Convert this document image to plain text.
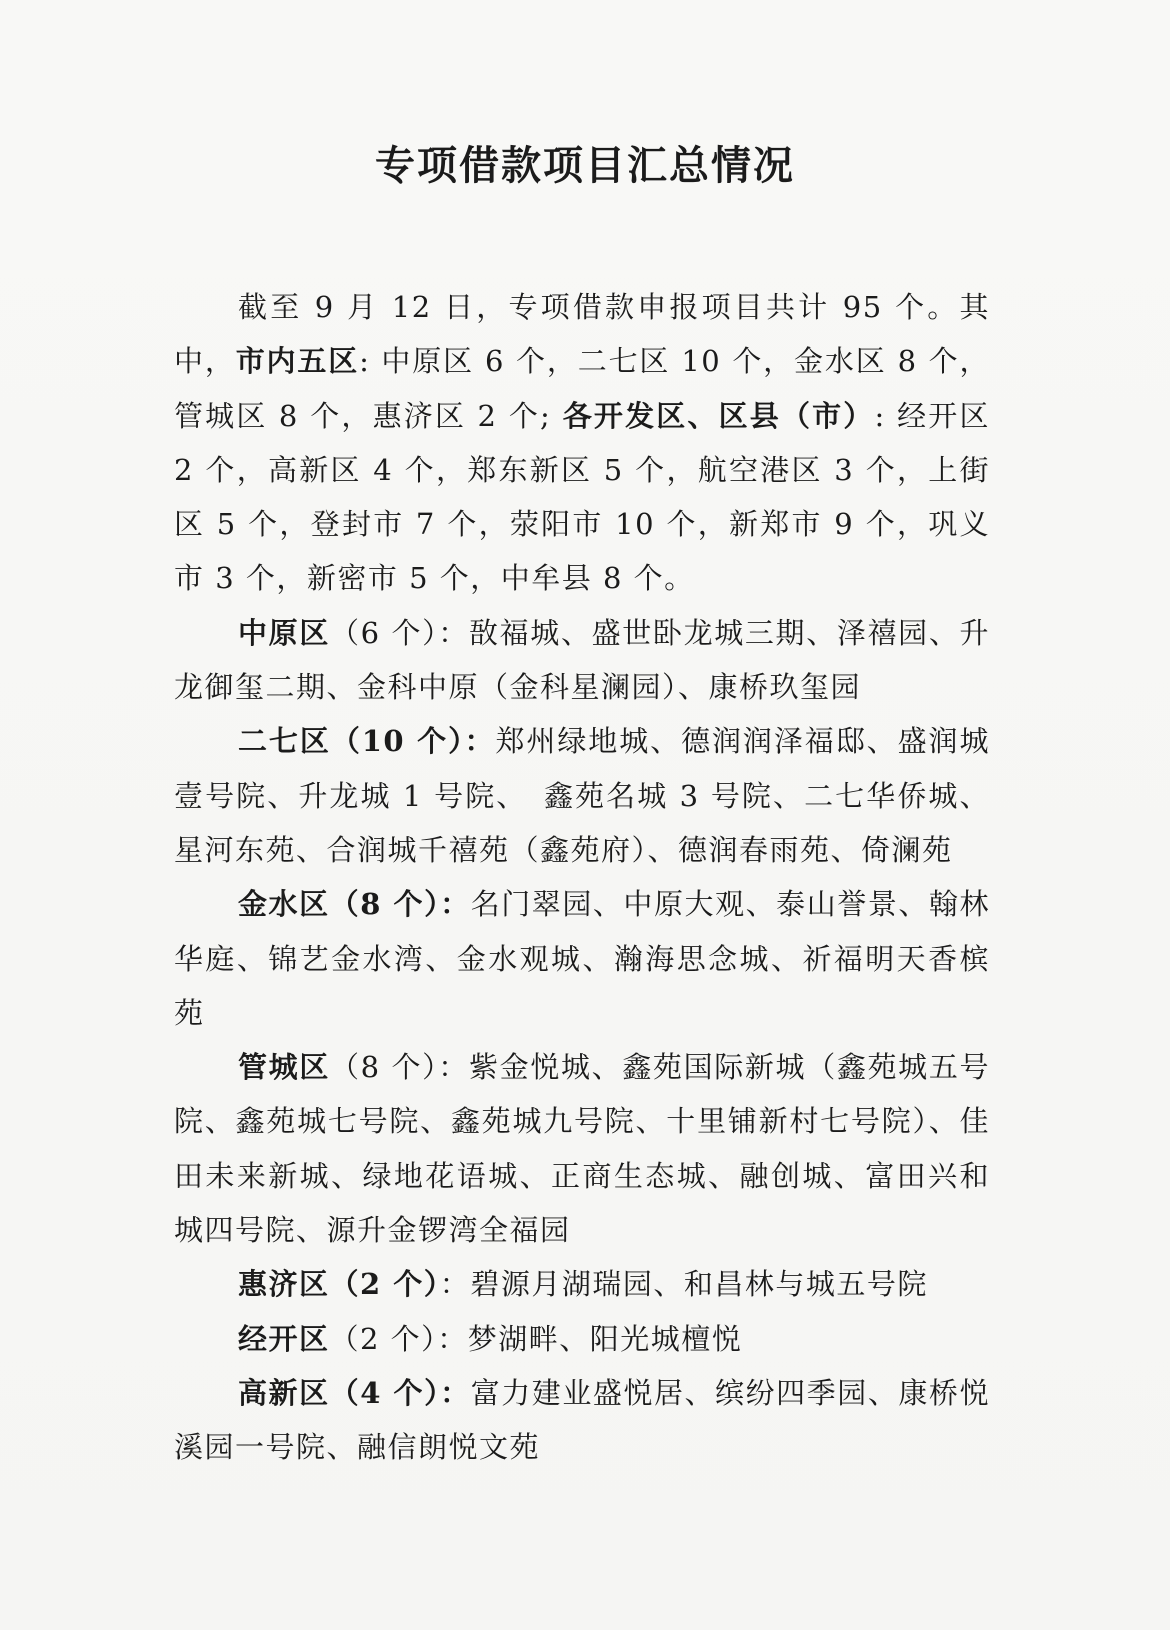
专项借款项目汇总情况

截至 9 月 12 日，专项借款申报项目共计 95 个。其中，市内五区: 中原区 6 个，二七区 10 个，金水区 8 个，管城区 8 个，惠济区 2 个; 各开发区、区县（市）: 经开区 2 个，高新区 4 个，郑东新区 5 个，航空港区 3 个，上街区 5 个，登封市 7 个，荥阳市 10 个，新郑市 9 个，巩义市 3 个，新密市 5 个，中牟县 8 个。

中原区（6 个）：敔福城、盛世卧龙城三期、泽禧园、升龙御玺二期、金科中原（金科星澜园）、康桥玖玺园

二七区（10 个）：郑州绿地城、德润润泽福邸、盛润城壹号院、升龙城 1 号院、　鑫苑名城 3 号院、二七华侨城、星河东苑、合润城千禧苑（鑫苑府）、德润春雨苑、倚澜苑

金水区（8 个）：名门翠园、中原大观、泰山誉景、翰林华庭、锦艺金水湾、金水观城、瀚海思念城、祈福明天香槟苑

管城区（8 个）：紫金悦城、鑫苑国际新城（鑫苑城五号院、鑫苑城七号院、鑫苑城九号院、十里铺新村七号院）、佳田未来新城、绿地花语城、正商生态城、融创城、富田兴和城四号院、源升金锣湾全福园

惠济区（2 个）：碧源月湖瑞园、和昌林与城五号院

经开区（2 个）：梦湖畔、阳光城檀悦

高新区（4 个）：富力建业盛悦居、缤纷四季园、康桥悦溪园一号院、融信朗悦文苑
